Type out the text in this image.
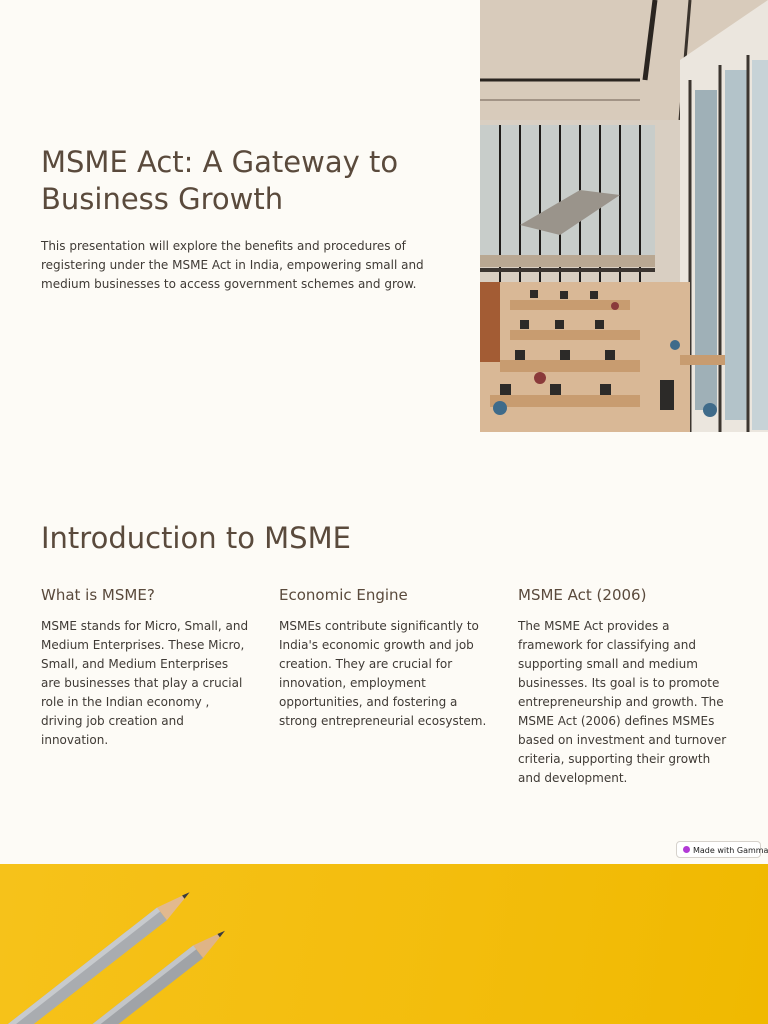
MSME Act: A Gateway to Business Growth

This presentation will explore the benefits and procedures of registering under the MSME Act in India, empowering small and medium businesses to access government schemes and grow.

Introduction to MSME
What is MSME?

MSME stands for Micro, Small, and Medium Enterprises. These Micro, Small, and Medium Enterprises are businesses that play a crucial role in the Indian economy , driving job creation and innovation.

Economic Engine

MSMEs contribute significantly to India's economic growth and job creation. They are crucial for innovation, employment opportunities, and fostering a strong entrepreneurial ecosystem.

MSME Act (2006)

The MSME Act provides a framework for classifying and supporting small and medium businesses. Its goal is to promote entrepreneurship and growth. The MSME Act (2006) defines MSMEs based on investment and turnover criteria, supporting their growth and development.

Made with Gamma
